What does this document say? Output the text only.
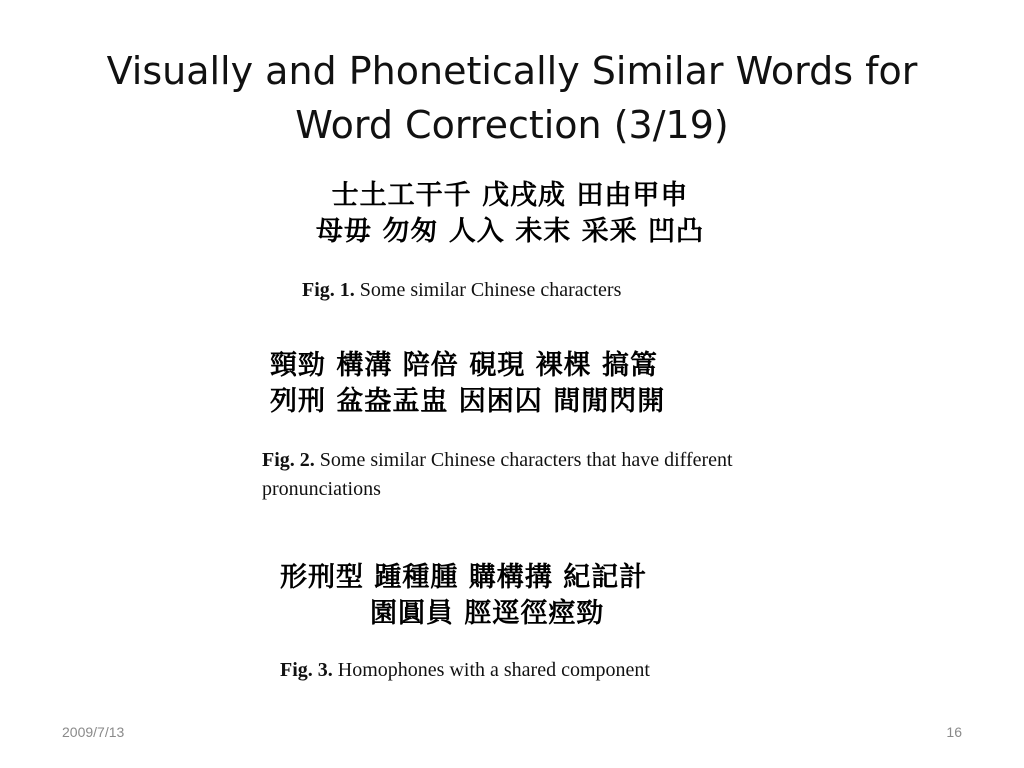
Visually and Phonetically Similar Words for
Word Correction (3/19)
士土工干千 戊戌成 田由甲申
母毋 勿匆 人入 未末 采釆 凹凸
Fig. 1. Some similar Chinese characters
頸勁 構溝 陪倍 硯現 裸棵 搞篙
列刑 盆盎盂盅 因困囚 間閒閃開
Fig. 2. Some similar Chinese characters that have different pronunciations
形刑型 踵種腫 購構搆 紀記計
園圓員 脛逕徑痙勁
Fig. 3. Homophones with a shared component
2009/7/13	16
